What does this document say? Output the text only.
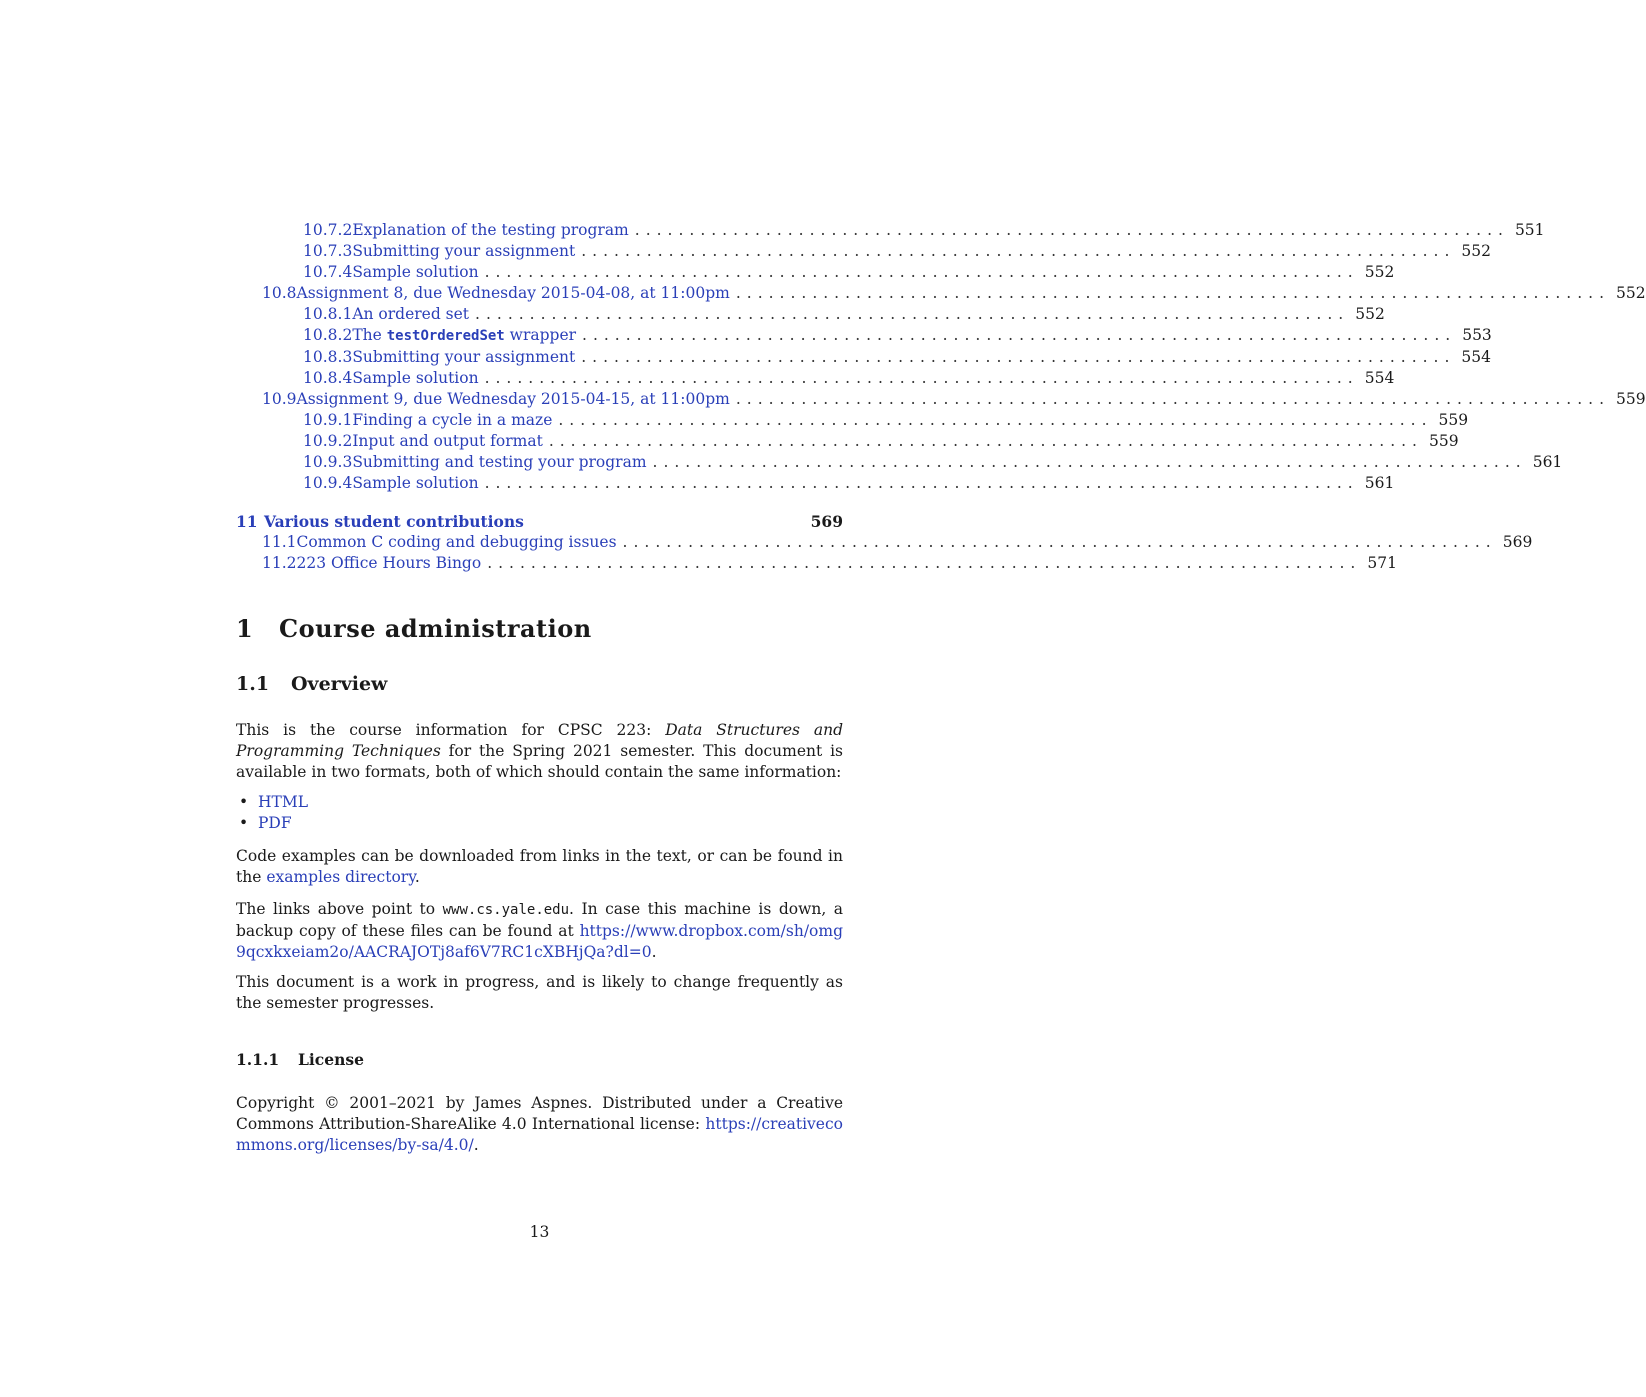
10.7.2 Explanation of the testing program ................................................................................ 551
10.7.3 Submitting your assignment ................................................................................ 552
10.7.4 Sample solution ................................................................................ 552
10.8 Assignment 8, due Wednesday 2015-04-08, at 11:00pm ................................................................................ 552
10.8.1 An ordered set ................................................................................ 552
10.8.2 The testOrderedSet wrapper ................................................................................ 553
10.8.3 Submitting your assignment ................................................................................ 554
10.8.4 Sample solution ................................................................................ 554
10.9 Assignment 9, due Wednesday 2015-04-15, at 11:00pm ................................................................................ 559
10.9.1 Finding a cycle in a maze ................................................................................ 559
10.9.2 Input and output format ................................................................................ 559
10.9.3 Submitting and testing your program ................................................................................ 561
10.9.4 Sample solution ................................................................................ 561
11 Various student contributions	569
11.1 Common C coding and debugging issues ................................................................................ 569
11.2 223 Office Hours Bingo ................................................................................ 571
1 Course administration
1.1 Overview

This is the course information for CPSC 223: Data Structures and Programming Techniques for the Spring 2021 semester. This document is available in two formats, both of which should contain the same information:

• HTML
• PDF

Code examples can be downloaded from links in the text, or can be found in the examples directory.

The links above point to www.cs.yale.edu. In case this machine is down, a backup copy of these files can be found at https://www.dropbox.com/sh/omg9qcxkxeiam2o/AACRAJOTj8af6V7RC1cXBHjQa?dl=0.

This document is a work in progress, and is likely to change frequently as the semester progresses.

1.1.1 License

Copyright © 2001–2021 by James Aspnes. Distributed under a Creative Commons Attribution-ShareAlike 4.0 International license: https://creativecommons.org/licenses/by-sa/4.0/.

13
